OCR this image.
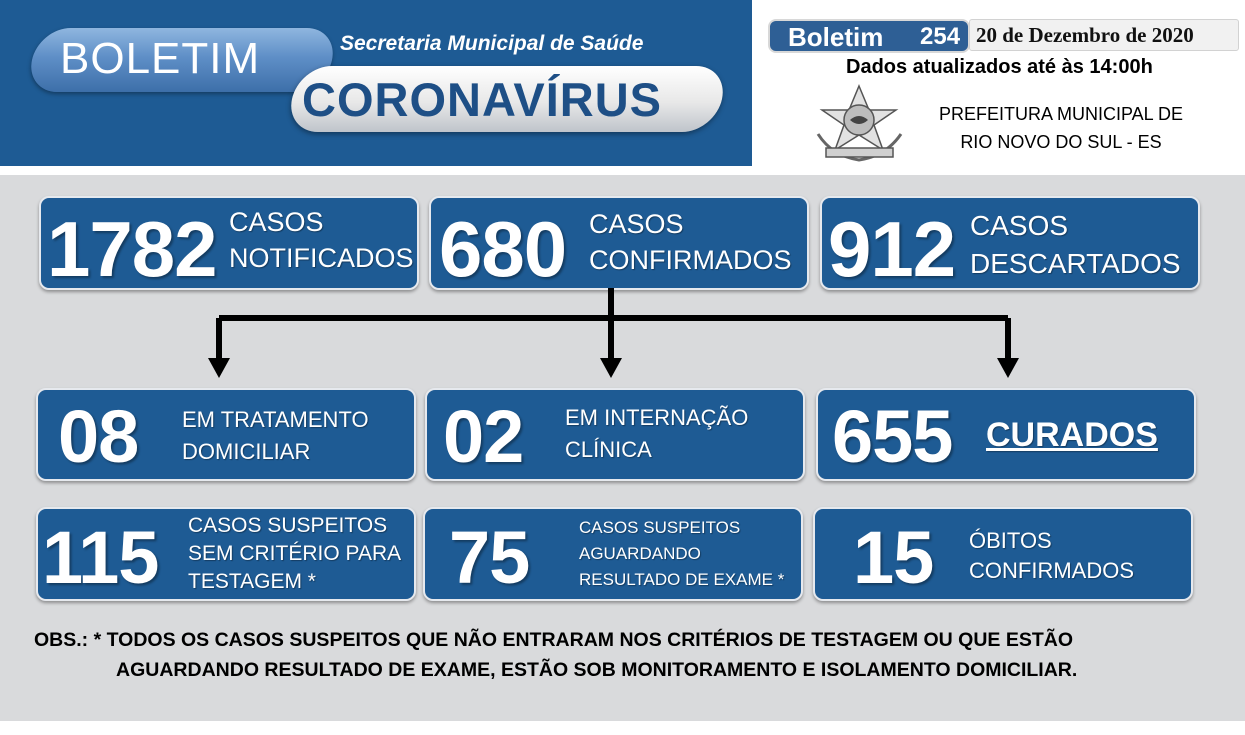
BOLETIM	Secretaria Municipal de Saúde
CORONAVÍRUS
Boletim 254 20 de Dezembro de 2020
Dados atualizados até às 14:00h
PREFEITURA MUNICIPAL DE
RIO NOVO DO SUL - ES
1782 CASOS
NOTIFICADOS 680 CASOS
CONFIRMADOS 912 CASOS
DESCARTADOS
08 EM TRATAMENTO
DOMICILIAR 02 EM INTERNAÇÃO
CLÍNICA 655 CURADOS
115 CASOS SUSPEITOS
SEM CRITÉRIO PARA
TESTAGEM * 75	CASOS SUSPEITOS
AGUARDANDO
RESULTADO DE EXAME * 15 ÓBITOS
CONFIRMADOS
OBS.: * TODOS OS CASOS SUSPEITOS QUE NÃO ENTRARAM NOS CRITÉRIOS DE TESTAGEM OU QUE ESTÃO
AGUARDANDO RESULTADO DE EXAME, ESTÃO SOB MONITORAMENTO E ISOLAMENTO DOMICILIAR.
